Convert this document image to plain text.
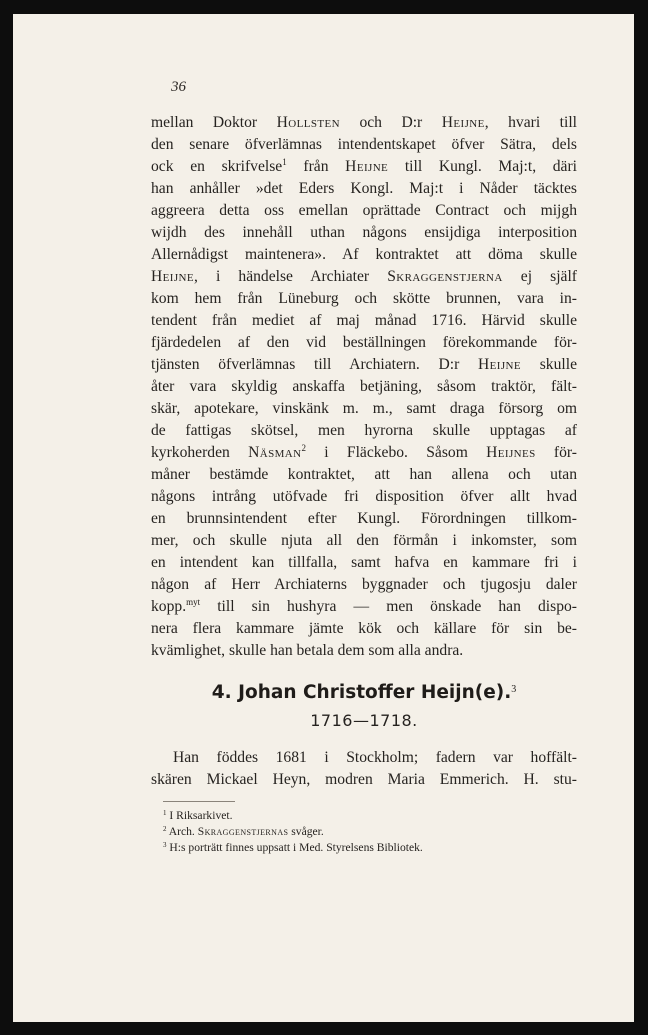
36
mellan Doktor Hollsten och D:r Heijne, hvari till
den senare öfverlämnas intendentskapet öfver Sätra, dels
ock en skrifvelse$^1$ från Heijne till Kungl. Maj:t, däri
han anhåller »det Eders Kongl. Maj:t i Nåder täcktes
aggreera detta oss emellan oprättade Contract och mijgh
wijdh des innehåll uthan någons ensijdiga interposition
Allernådigst maintenera». Af kontraktet att döma skulle
Heijne, i händelse Archiater Skraggenstjerna ej själf
kom hem från Lüneburg och skötte brunnen, vara in-
tendent från mediet af maj månad 1716. Härvid skulle
fjärdedelen af den vid beställningen förekommande för-
tjänsten öfverlämnas till Archiatern. D:r Heijne skulle
åter vara skyldig anskaffa betjäning, såsom traktör, fält-
skär, apotekare, vinskänk m. m., samt draga försorg om
de fattigas skötsel, men hyrorna skulle upptagas af
kyrkoherden Näsman$^2$ i Fläckebo. Såsom Heijnes för-
måner bestämde kontraktet, att han allena och utan
någons intrång utöfvade fri disposition öfver allt hvad
en brunnsintendent efter Kungl. Förordningen tillkom-
mer, och skulle njuta all den förmån i inkomster, som
en intendent kan tillfalla, samt hafva en kammare fri i
någon af Herr Archiaterns byggnader och tjugosju daler
kopp.$^{myt}$ till sin hushyra — men önskade han dispo-
nera flera kammare jämte kök och källare för sin be-
kvämlighet, skulle han betala dem som alla andra.
4. Johan Christoffer Heijn(e).$^3$
1716—1718.
Han föddes 1681 i Stockholm; fadern var hoffält-
skären Mickael Heyn, modren Maria Emmerich. H. stu-
$^1$ I Riksarkivet.
$^2$ Arch. Skraggenstjernas svåger.
$^3$ H:s porträtt finnes uppsatt i Med. Styrelsens Bibliotek.
